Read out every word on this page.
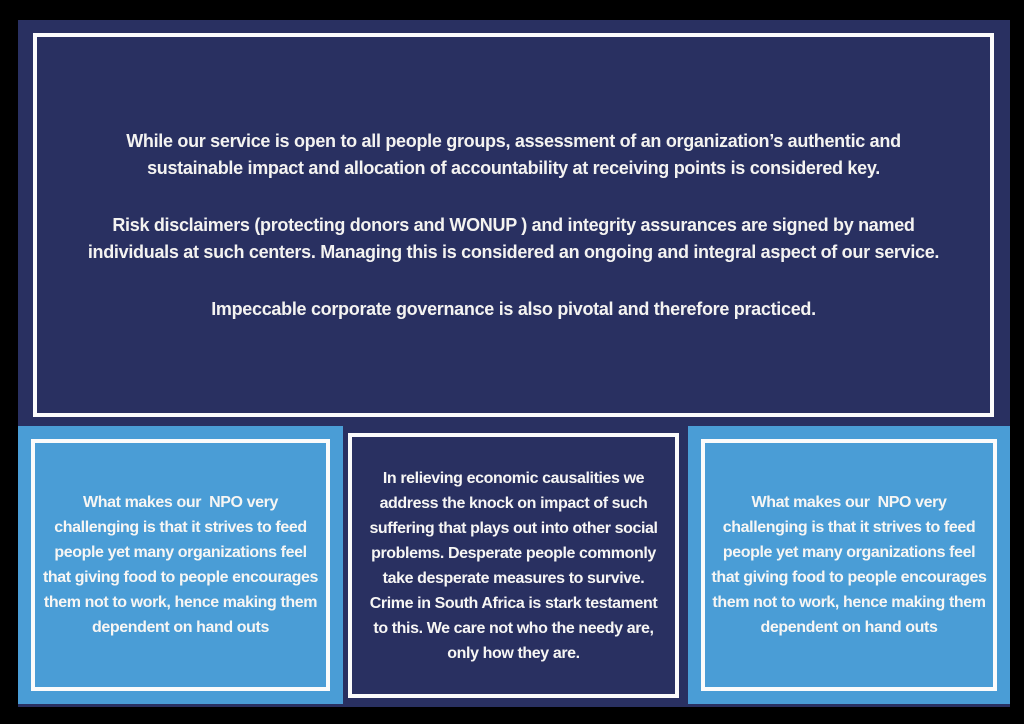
While our service is open to all people groups, assessment of an organization’s authentic and sustainable impact and allocation of accountability at receiving points is considered key.

Risk disclaimers (protecting donors and WONUP ) and integrity assurances are signed by named individuals at such centers. Managing this is considered an ongoing and integral aspect of our service.

Impeccable corporate governance is also pivotal and therefore practiced.

What makes our  NPO very challenging is that it strives to feed people yet many organizations feel that giving food to people encourages them not to work, hence making them dependent on hand outs

In relieving economic causalities we address the knock on impact of such suffering that plays out into other social problems. Desperate people commonly take desperate measures to survive. Crime in South Africa is stark testament to this. We care not who the needy are, only how they are.

What makes our  NPO very challenging is that it strives to feed people yet many organizations feel that giving food to people encourages them not to work, hence making them dependent on hand outs
